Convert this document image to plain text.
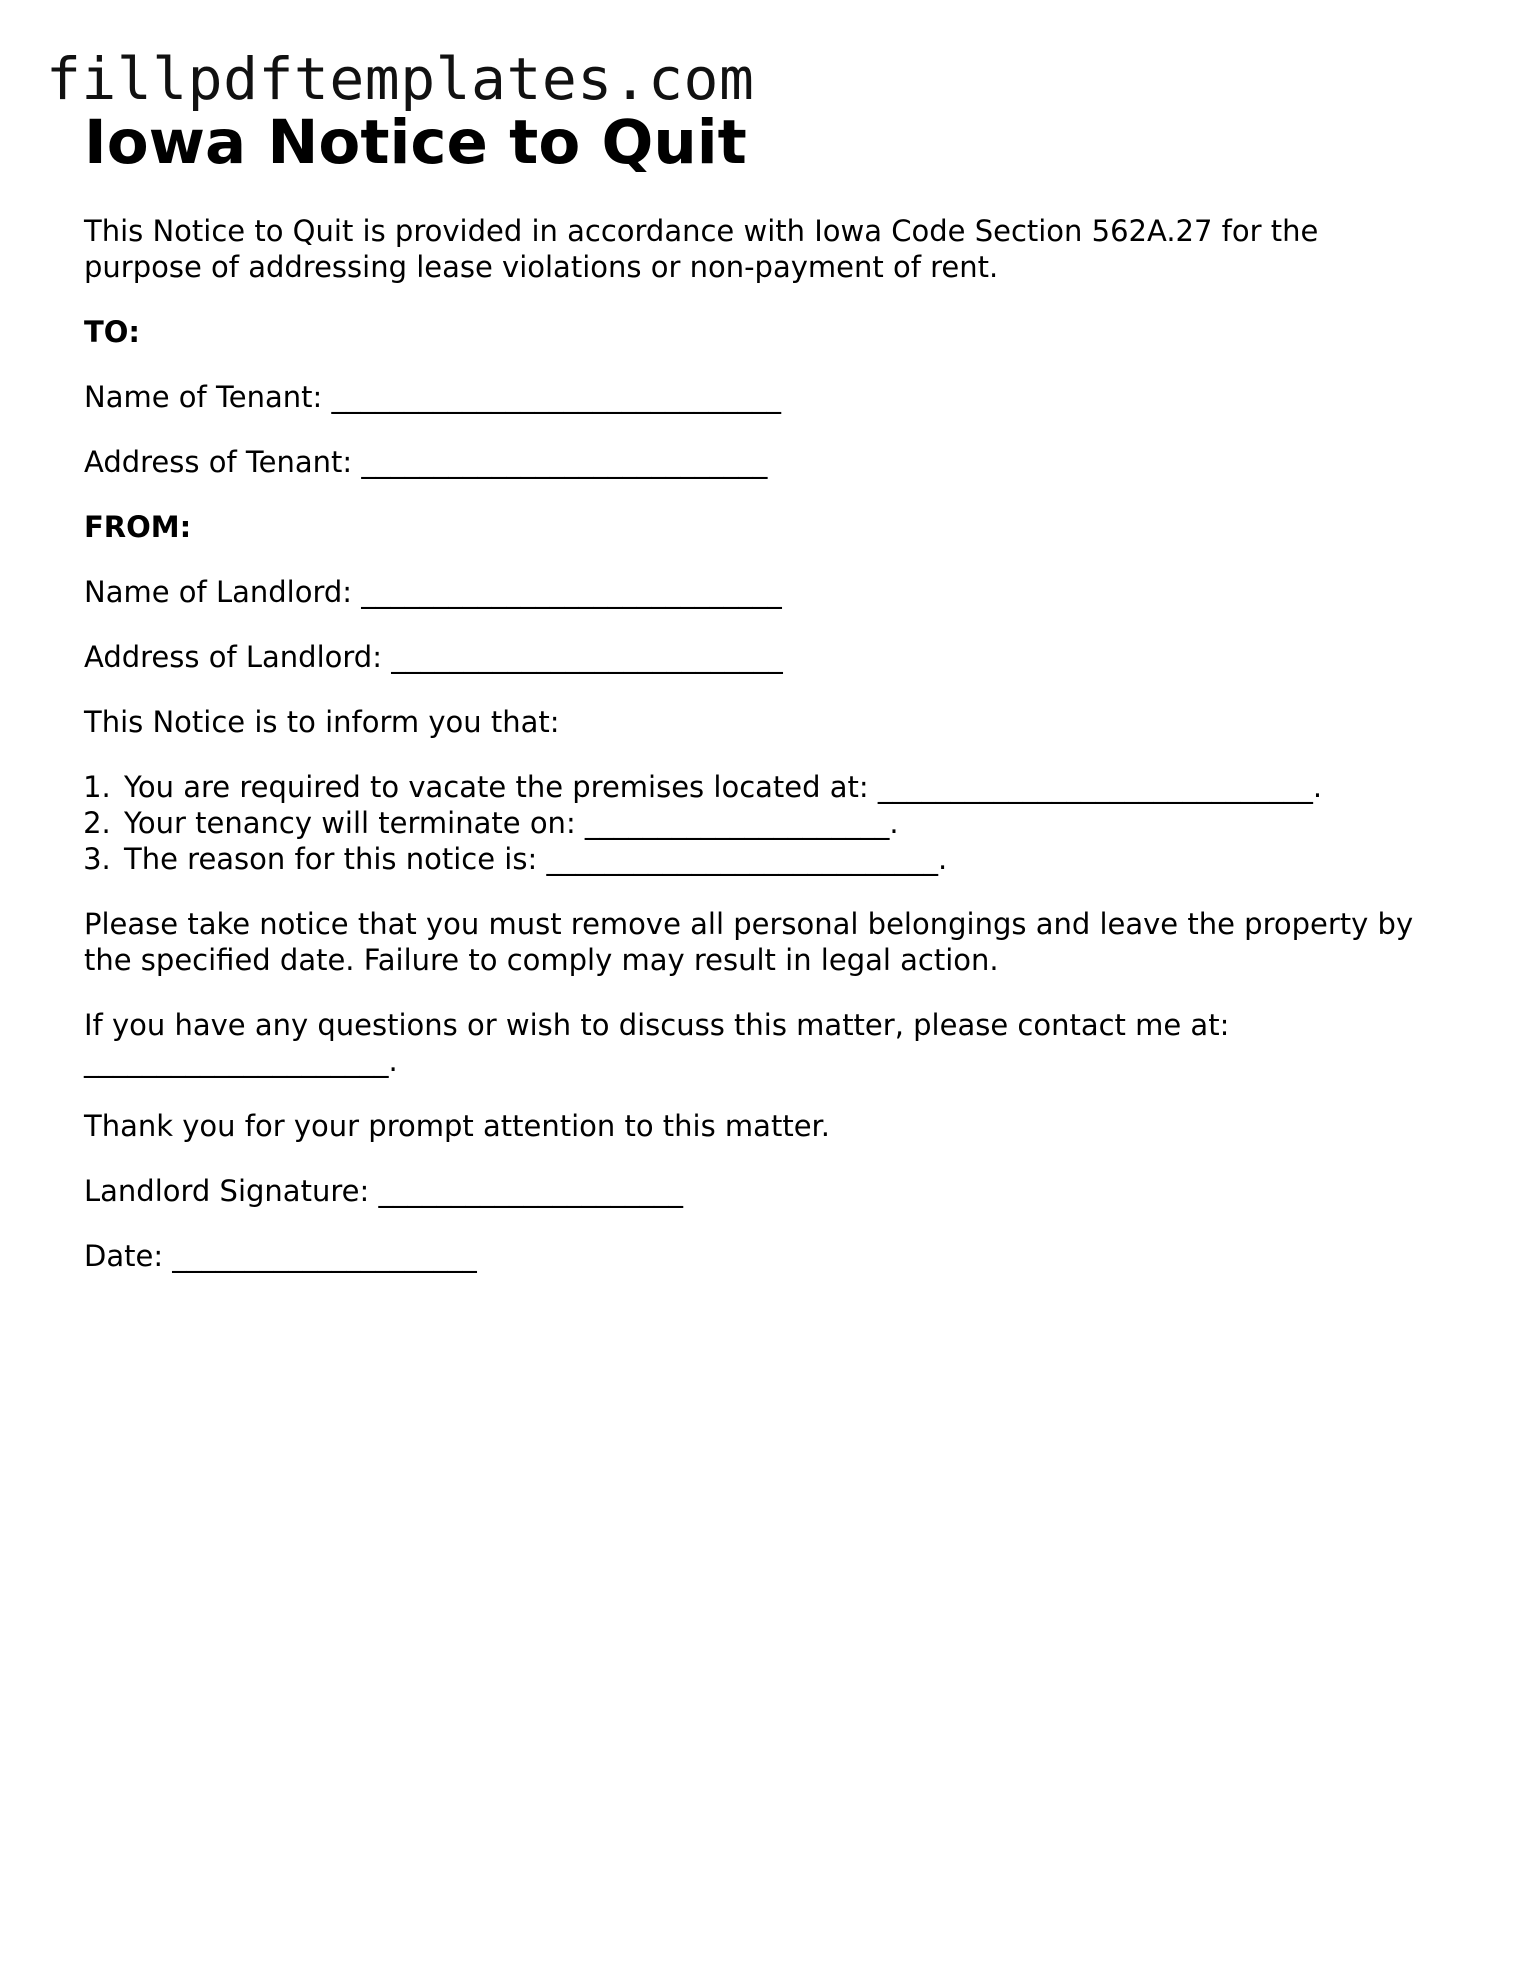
fillpdftemplates.com
Iowa Notice to Quit

This Notice to Quit is provided in accordance with Iowa Code Section 562A.27 for the purpose of addressing lease violations or non-payment of rent.

TO:

Name of Tenant: _______________________________

Address of Tenant: ____________________________

FROM:

Name of Landlord: _____________________________

Address of Landlord: ___________________________

This Notice is to inform you that:

1. You are required to vacate the premises located at: ______________________________.
2. Your tenancy will terminate on: _____________________.
3. The reason for this notice is: ___________________________.

Please take notice that you must remove all personal belongings and leave the property by the specified date. Failure to comply may result in legal action.

If you have any questions or wish to discuss this matter, please contact me at: _____________________.

Thank you for your prompt attention to this matter.

Landlord Signature: _____________________

Date: _____________________
